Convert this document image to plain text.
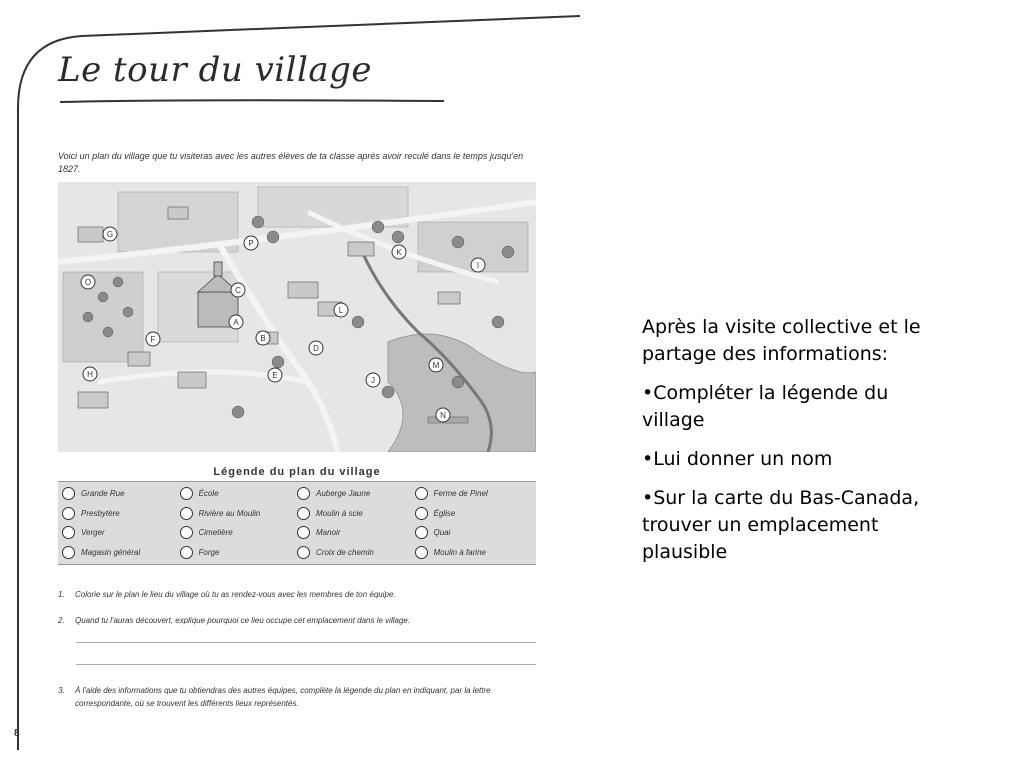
Le tour du village
Voici un plan du village que tu visiteras avec les autres élèves de ta classe après avoir reculé dans le temps jusqu'en 1827.
G
O
F
H
A
C
B
D
E
P
K
I
L
J
M
N
Légende du plan du village
Grande Rue	École	Auberge Jaune	Ferme de Pinel
Presbytère	Rivière au Moulin	Moulin à scie	Église
Verger	Cimetière	Manoir	Quai
Magasin général	Forge	Croix de chemin	Moulin à farine
1.	Colorie sur le plan le lieu du village où tu as rendez-vous avec les membres de ton équipe.
2.	Quand tu l'auras découvert, explique pourquoi ce lieu occupe cet emplacement dans le village.
3.	À l'aide des informations que tu obtiendras des autres équipes, complète la légende du plan en indiquant, par la lettre correspondante, où se trouvent les différents lieux représentés.
8

Après la visite collective et le partage des informations:

•Compléter la légende du village

•Lui donner un nom

•Sur la carte du Bas-Canada, trouver un emplacement plausible
